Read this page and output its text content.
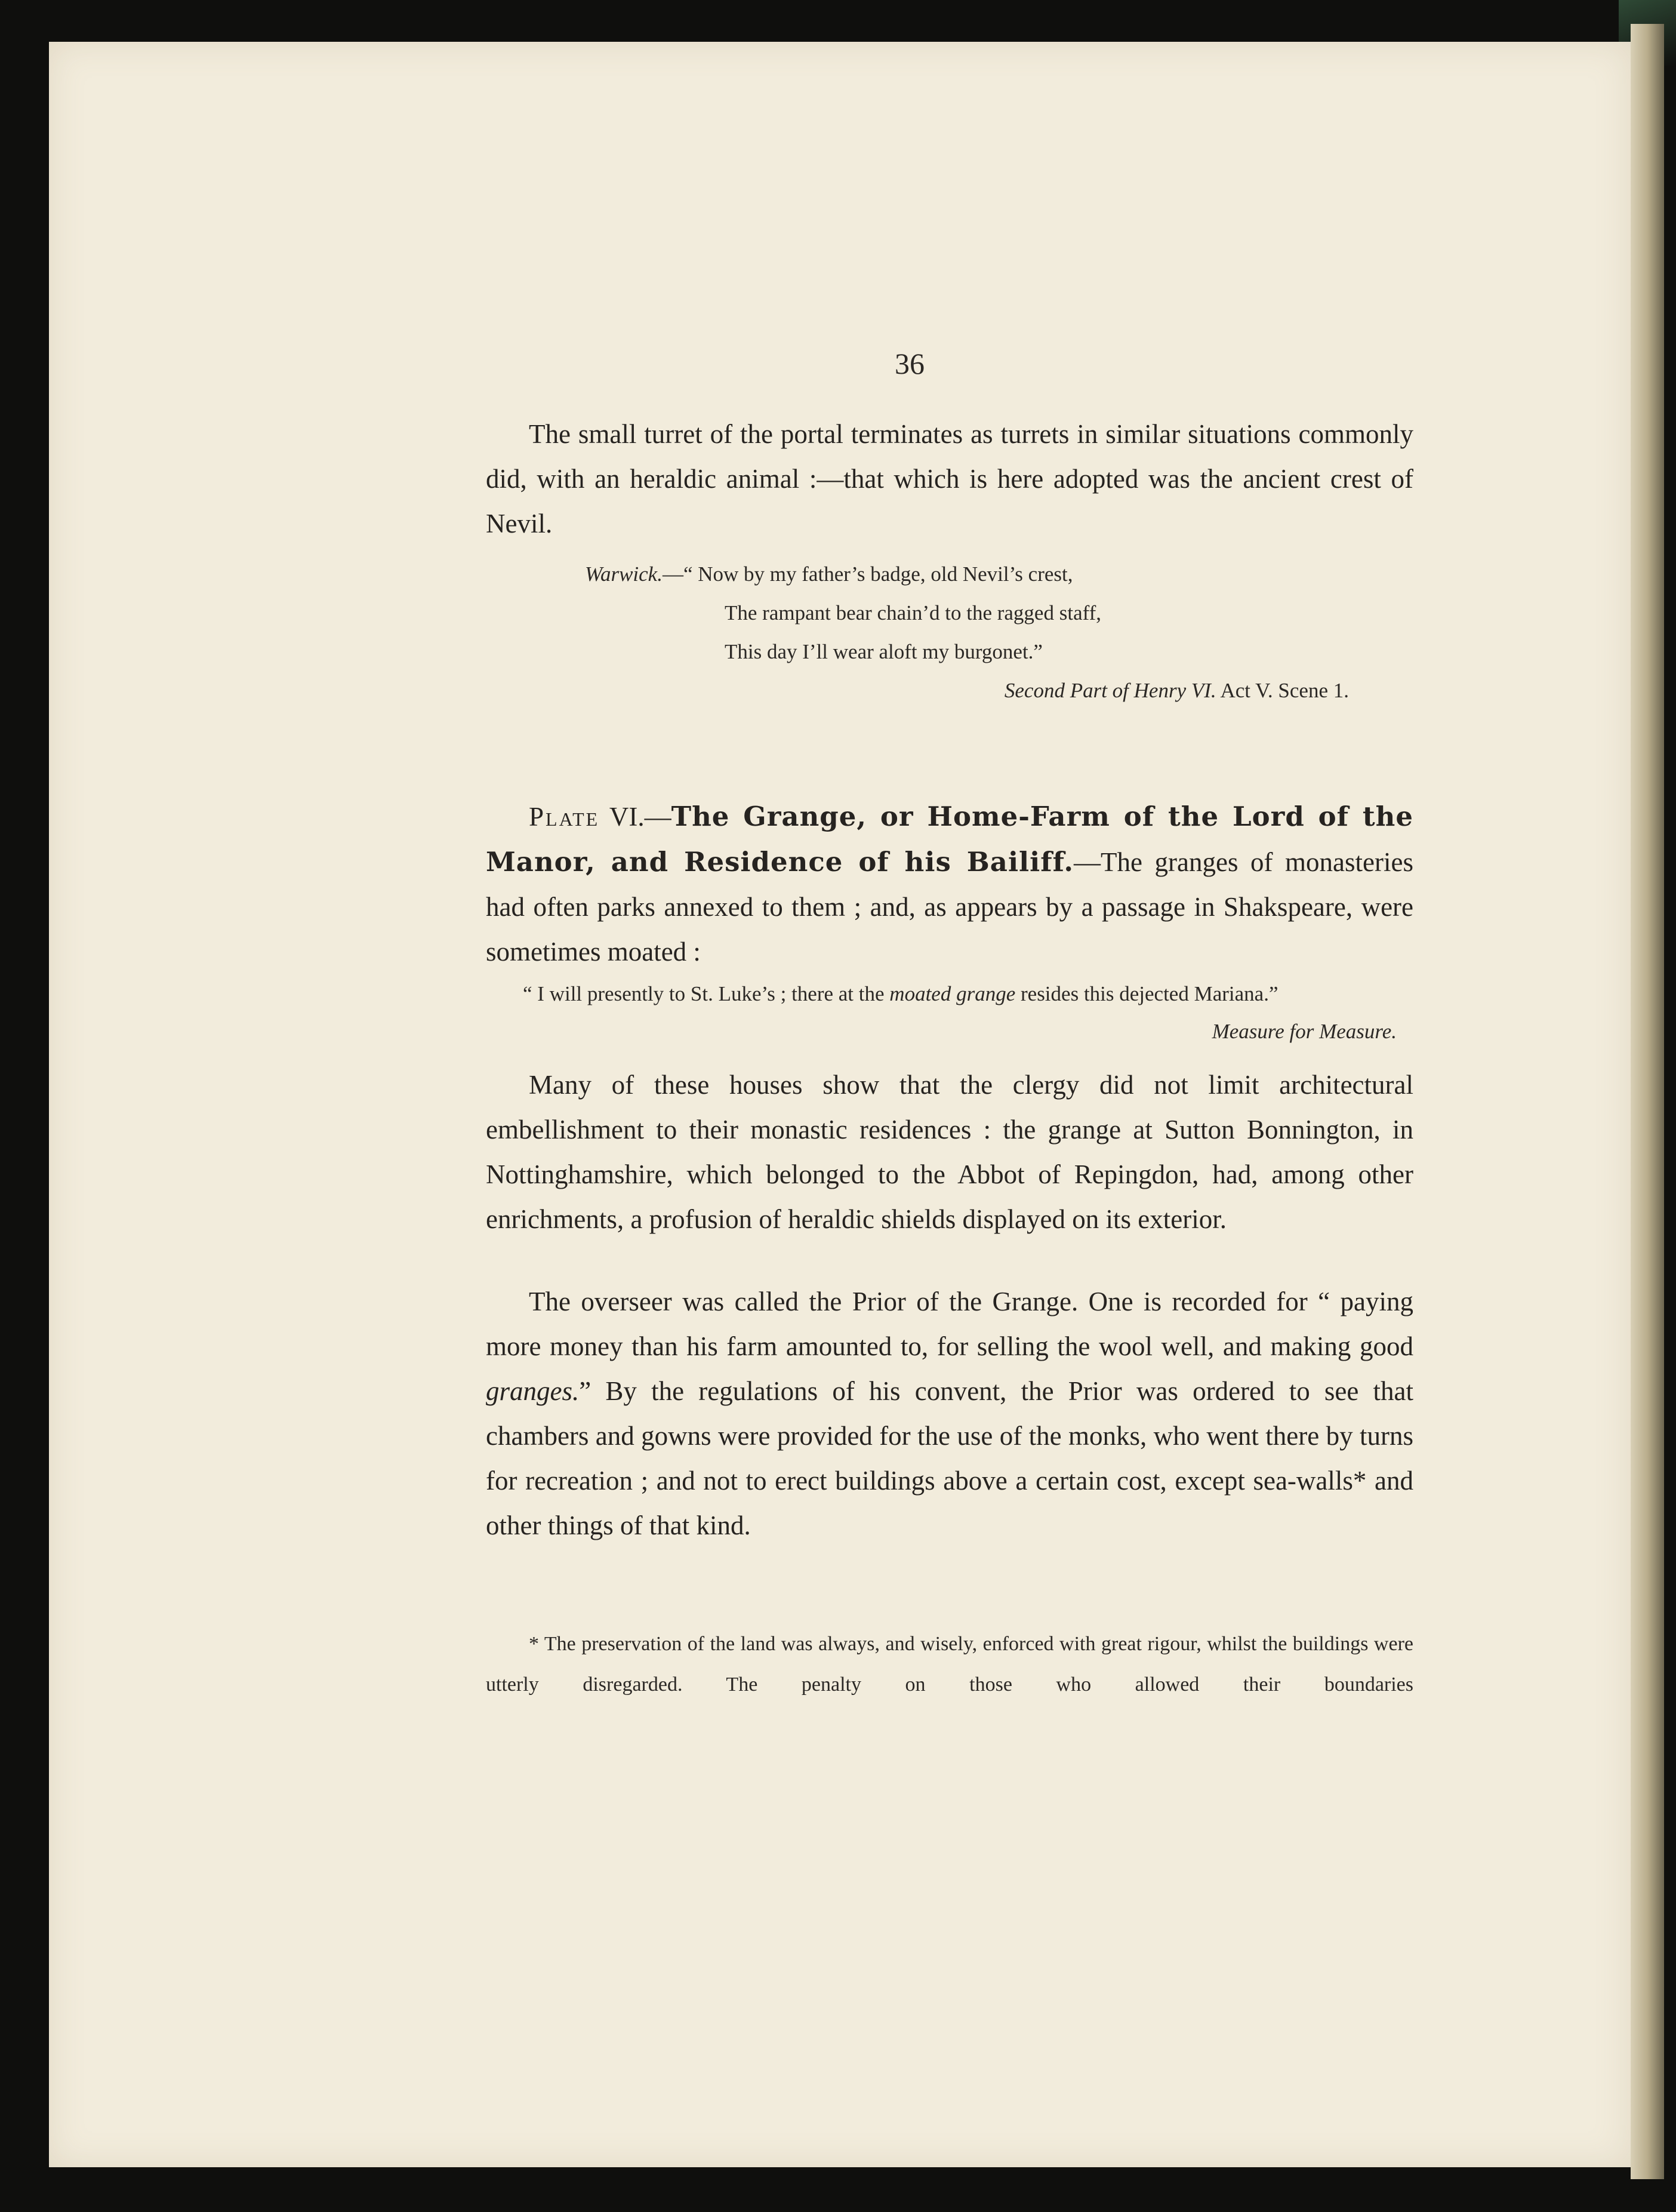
36

The small turret of the portal terminates as turrets in similar situations commonly did, with an heraldic animal :—that which is here adopted was the ancient crest of Nevil.

Warwick.—“ Now by my father’s badge, old Nevil’s crest,
The rampant bear chain’d to the ragged staff,
This day I’ll wear aloft my burgonet.”
Second Part of Henry VI. Act V. Scene 1.

Plate VI.—The Grange, or Home-Farm of the Lord of the Manor, and Residence of his Bailiff.—The granges of monasteries had often parks annexed to them ; and, as appears by a passage in Shakspeare, were sometimes moated :

“ I will presently to St. Luke’s ; there at the moated grange resides this dejected Mariana.”
Measure for Measure.

Many of these houses show that the clergy did not limit architectural embellishment to their monastic residences : the grange at Sutton Bonnington, in Nottinghamshire, which belonged to the Abbot of Repingdon, had, among other enrichments, a profusion of heraldic shields displayed on its exterior.

The overseer was called the Prior of the Grange. One is recorded for “ paying more money than his farm amounted to, for selling the wool well, and making good granges.” By the regulations of his convent, the Prior was ordered to see that chambers and gowns were provided for the use of the monks, who went there by turns for recreation ; and not to erect buildings above a certain cost, except sea-walls* and other things of that kind.

* The preservation of the land was always, and wisely, enforced with great rigour, whilst the buildings were utterly disregarded. The penalty on those who allowed their boundaries
